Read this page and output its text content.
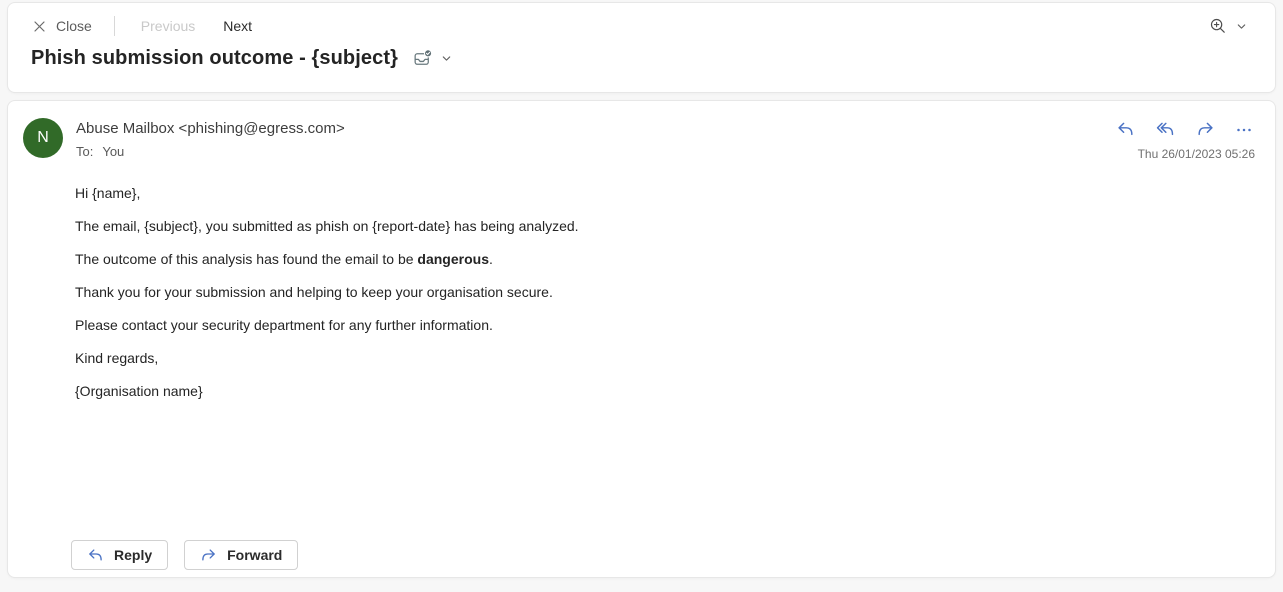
Close	Previous Next
Phish submission outcome - {subject}
N
Abuse Mailbox <phishing@egress.com>
To: You	Thu 26/01/2023 05:26

Hi {name},

The email, {subject}, you submitted as phish on {report-date} has being analyzed.

The outcome of this analysis has found the email to be dangerous.

Thank you for your submission and helping to keep your organisation secure.

Please contact your security department for any further information.

Kind regards,

{Organisation name}

Reply	Forward
